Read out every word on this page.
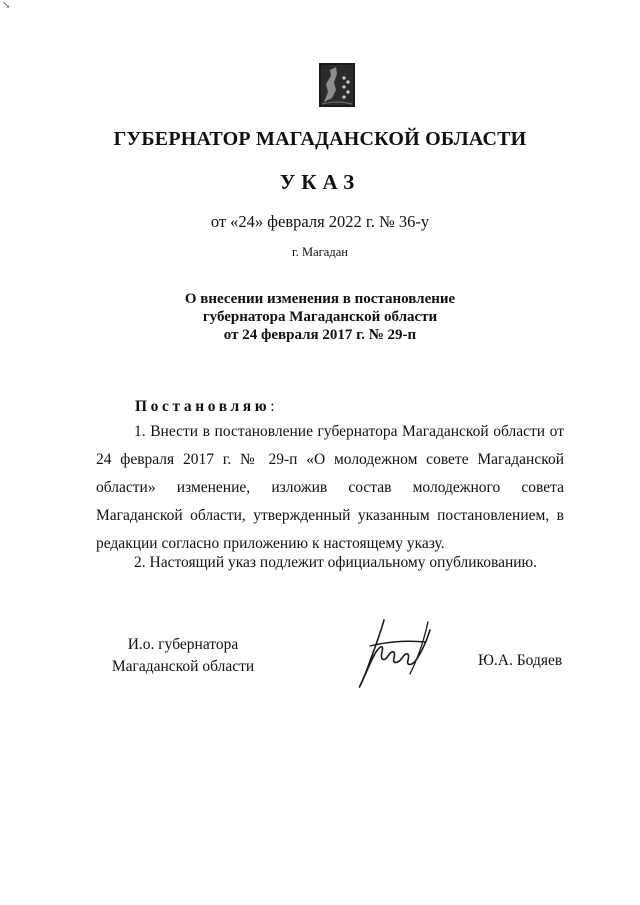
↘
ГУБЕРНАТОР МАГАДАНСКОЙ ОБЛАСТИ
УКАЗ
от «24» февраля 2022 г. № 36-у
г. Магадан
О внесении изменения в постановление
губернатора Магаданской области
от 24 февраля 2017 г. № 29-п
Постановляю:
1. Внести в постановление губернатора Магаданской области от 24 февраля 2017 г. № 29-п «О молодежном совете Магаданской области» изменение, изложив состав молодежного совета Магаданской области, утвержденный указанным постановлением, в редакции согласно приложению к настоящему указу.
2. Настоящий указ подлежит официальному опубликованию.
И.о. губернатора
Магаданской области	Ю.А. Бодяев
